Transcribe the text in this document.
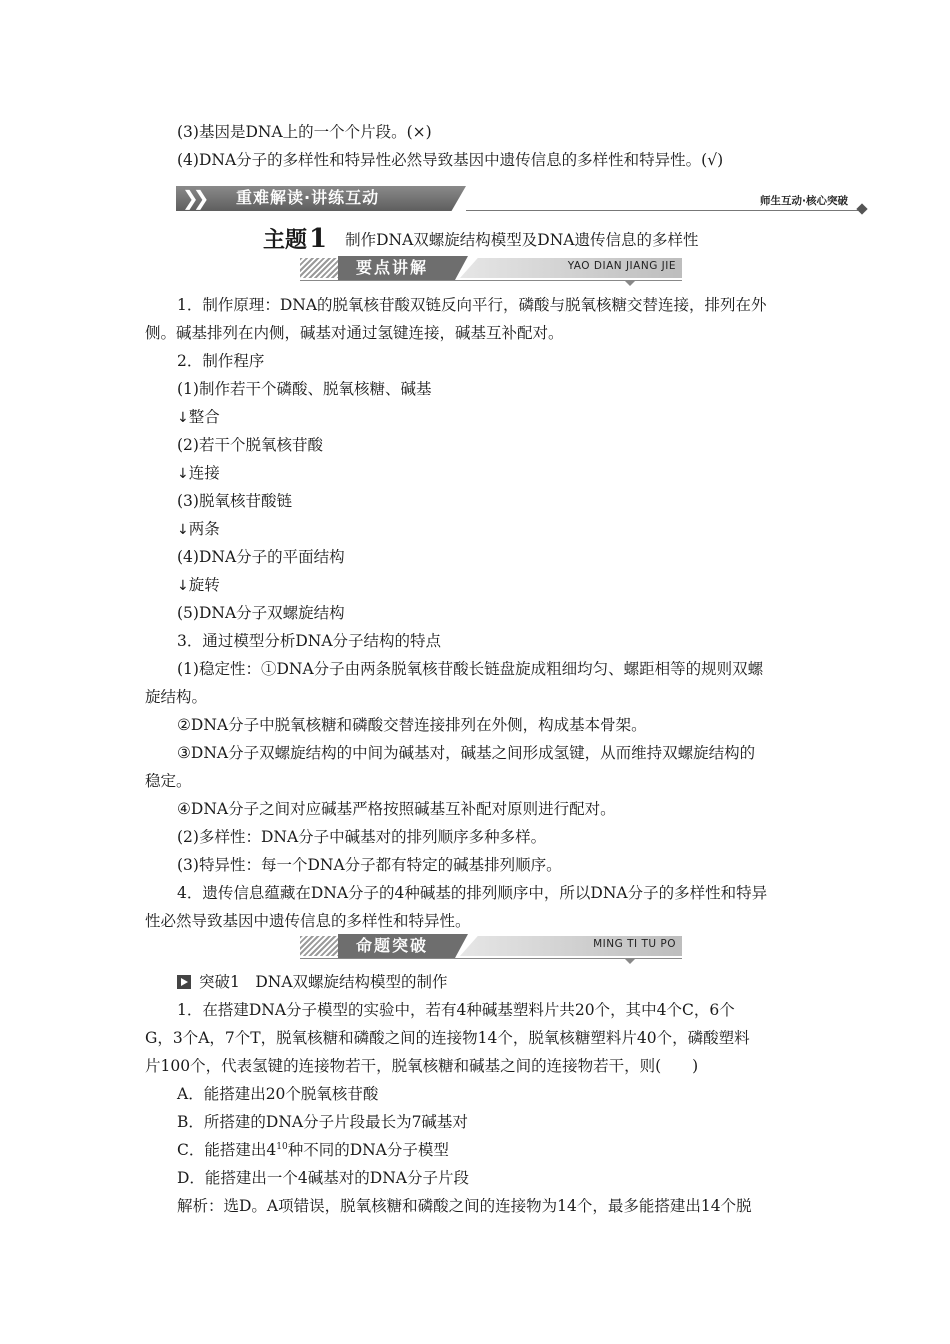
(3)基因是DNA上的一个个片段。(×)
(4)DNA分子的多样性和特异性必然导致基因中遗传信息的多样性和特异性。(√)
❯❯ 重难解读·讲练互动	师生互动·核心突破
主题1 制作DNA双螺旋结构模型及DNA遗传信息的多样性
要点讲解	YAO DIAN JIANG JIE
1．制作原理：DNA的脱氧核苷酸双链反向平行，磷酸与脱氧核糖交替连接，排列在外
侧。碱基排列在内侧，碱基对通过氢键连接，碱基互补配对。
2．制作程序
(1)制作若干个磷酸、脱氧核糖、碱基
↓整合
(2)若干个脱氧核苷酸
↓连接
(3)脱氧核苷酸链
↓两条
(4)DNA分子的平面结构
↓旋转
(5)DNA分子双螺旋结构
3．通过模型分析DNA分子结构的特点
(1)稳定性：①DNA分子由两条脱氧核苷酸长链盘旋成粗细均匀、螺距相等的规则双螺
旋结构。
②DNA分子中脱氧核糖和磷酸交替连接排列在外侧，构成基本骨架。
③DNA分子双螺旋结构的中间为碱基对，碱基之间形成氢键，从而维持双螺旋结构的
稳定。
④DNA分子之间对应碱基严格按照碱基互补配对原则进行配对。
(2)多样性：DNA分子中碱基对的排列顺序多种多样。
(3)特异性：每一个DNA分子都有特定的碱基排列顺序。
4．遗传信息蕴藏在DNA分子的4种碱基的排列顺序中，所以DNA分子的多样性和特异
性必然导致基因中遗传信息的多样性和特异性。
命题突破	MING TI TU PO
突破1　DNA双螺旋结构模型的制作
1．在搭建DNA分子模型的实验中，若有4种碱基塑料片共20个，其中4个C，6个
G，3个A，7个T，脱氧核糖和磷酸之间的连接物14个，脱氧核糖塑料片40个，磷酸塑料
片100个，代表氢键的连接物若干，脱氧核糖和碱基之间的连接物若干，则(　　)
A．能搭建出20个脱氧核苷酸
B．所搭建的DNA分子片段最长为7碱基对
C．能搭建出$4^{10}$种不同的DNA分子模型
D．能搭建出一个4碱基对的DNA分子片段
解析：选D。A项错误，脱氧核糖和磷酸之间的连接物为14个，最多能搭建出14个脱
